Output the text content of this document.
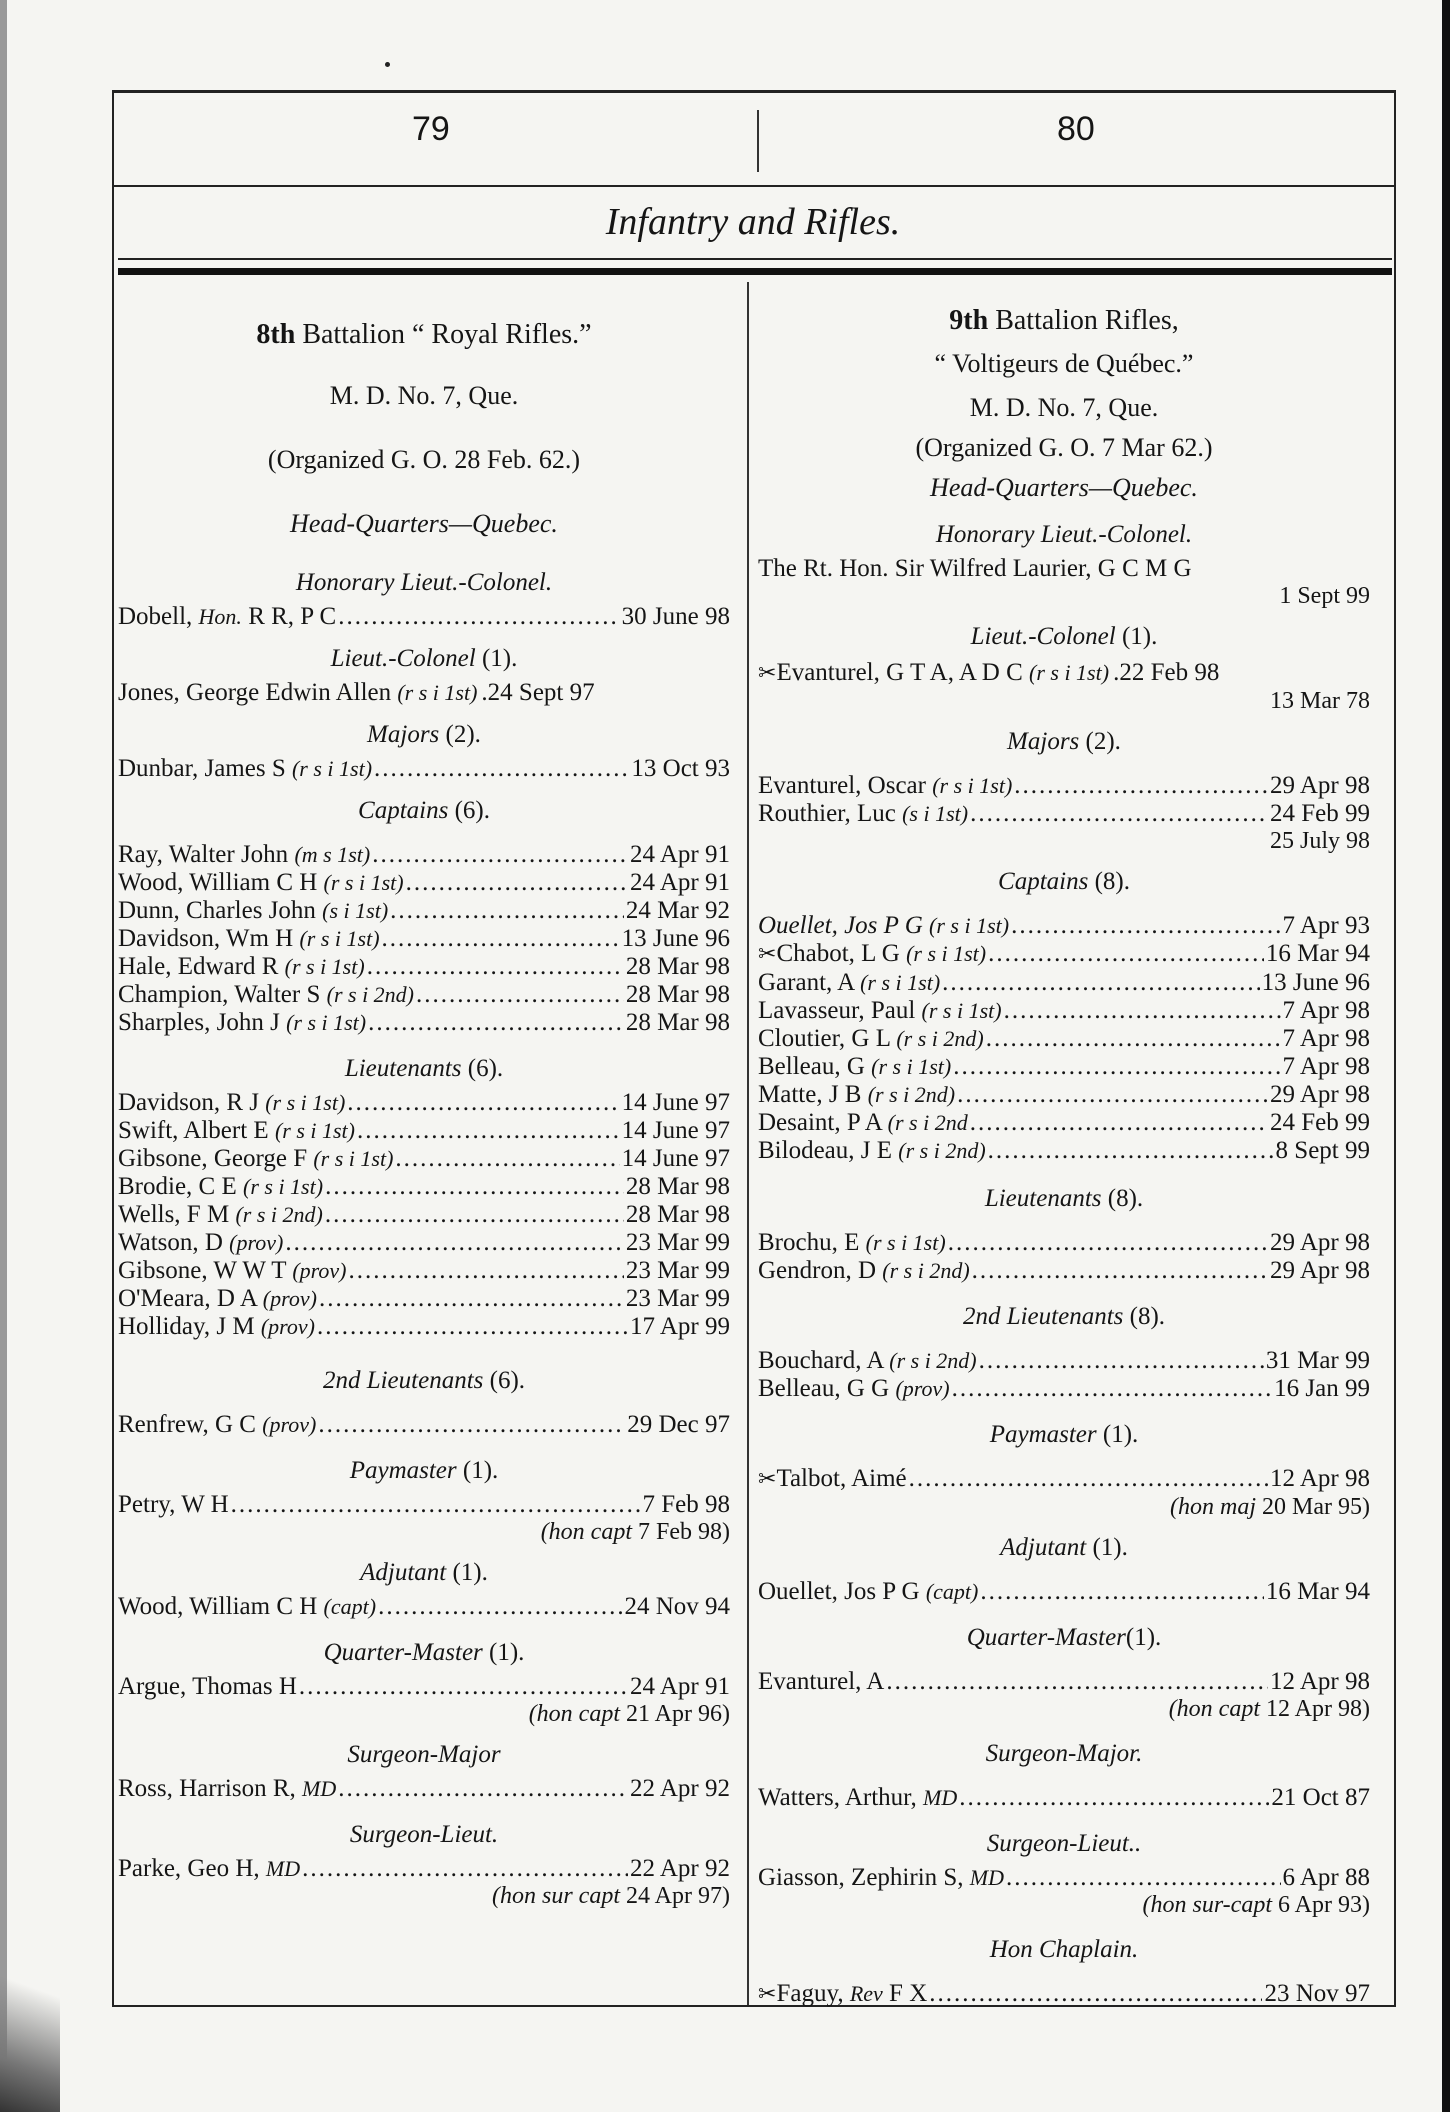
79	80
Infantry and Rifles.
8th Battalion “ Royal Rifles.”
M. D. No. 7, Que.
(Organized G. O. 28 Feb. 62.)
Head-Quarters—Quebec.
Honorary Lieut.-Colonel.
Dobell, Hon. R R, P C .....	30 June 98
Lieut.-Colonel (1).
Jones, George Edwin Allen (r s i 1st) .24 Sept 97
Majors (2).
Dunbar, James S (r s i 1st) .....	13 Oct 93
Captains (6).
Ray, Walter John (m s 1st) .....	24 Apr 91
Wood, William C H (r s i 1st) .....	24 Apr 91
Dunn, Charles John (s i 1st) .....	24 Mar 92
Davidson, Wm H (r s i 1st) .....	13 June 96
Hale, Edward R (r s i 1st) .....	28 Mar 98
Champion, Walter S (r s i 2nd) .....	28 Mar 98
Sharples, John J (r s i 1st) .....	28 Mar 98
Lieutenants (6).
Davidson, R J (r s i 1st) .....	14 June 97
Swift, Albert E (r s i 1st) .....	14 June 97
Gibsone, George F (r s i 1st) .....	14 June 97
Brodie, C E (r s i 1st) .....	28 Mar 98
Wells, F M (r s i 2nd) .....	28 Mar 98
Watson, D (prov) .....	23 Mar 99
Gibsone, W W T (prov) .....	23 Mar 99
O'Meara, D A (prov) .....	23 Mar 99
Holliday, J M (prov) .....	17 Apr 99
2nd Lieutenants (6).
Renfrew, G C (prov) .....	29 Dec 97
Paymaster (1).
Petry, W H .....	7 Feb 98
(hon capt 7 Feb 98)
Adjutant (1).
Wood, William C H (capt) .....	24 Nov 94
Quarter-Master (1).
Argue, Thomas H .....	24 Apr 91
(hon capt 21 Apr 96)
Surgeon-Major
Ross, Harrison R, MD .....	22 Apr 92
Surgeon-Lieut.
Parke, Geo H, MD .....	22 Apr 92
(hon sur capt 24 Apr 97)
9th Battalion Rifles,
“ Voltigeurs de Québec.”
M. D. No. 7, Que.
(Organized G. O. 7 Mar 62.)
Head-Quarters—Quebec.
Honorary Lieut.-Colonel.
The Rt. Hon. Sir Wilfred Laurier, G C M G
1 Sept 99
Lieut.-Colonel (1).
✂Evanturel, G T A, A D C (r s i 1st) .22 Feb 98
13 Mar 78
Majors (2).
Evanturel, Oscar (r s i 1st) .....	29 Apr 98
Routhier, Luc (s i 1st) .....	24 Feb 99
25 July 98
Captains (8).
Ouellet, Jos P G (r s i 1st) .....	7 Apr 93
✂Chabot, L G (r s i 1st) .....	16 Mar 94
Garant, A (r s i 1st) .....	13 June 96
Lavasseur, Paul (r s i 1st) .....	7 Apr 98
Cloutier, G L (r s i 2nd) .....	7 Apr 98
Belleau, G (r s i 1st) .....	7 Apr 98
Matte, J B (r s i 2nd) .....	29 Apr 98
Desaint, P A (r s i 2nd .....	24 Feb 99
Bilodeau, J E (r s i 2nd) .....	8 Sept 99
Lieutenants (8).
Brochu, E (r s i 1st) .....	29 Apr 98
Gendron, D (r s i 2nd) .....	29 Apr 98
2nd Lieutenants (8).
Bouchard, A (r s i 2nd) .....	31 Mar 99
Belleau, G G (prov) .....	16 Jan 99
Paymaster (1).
✂Talbot, Aimé .....	12 Apr 98
(hon maj 20 Mar 95)
Adjutant (1).
Ouellet, Jos P G (capt) .....	16 Mar 94
Quarter-Master(1).
Evanturel, A .....	12 Apr 98
(hon capt 12 Apr 98)
Surgeon-Major.
Watters, Arthur, MD .....	21 Oct 87
Surgeon-Lieut..
Giasson, Zephirin S, MD .....	6 Apr 88
(hon sur-capt 6 Apr 93)
Hon Chaplain.
✂Faguy, Rev F X .....	23 Nov 97
